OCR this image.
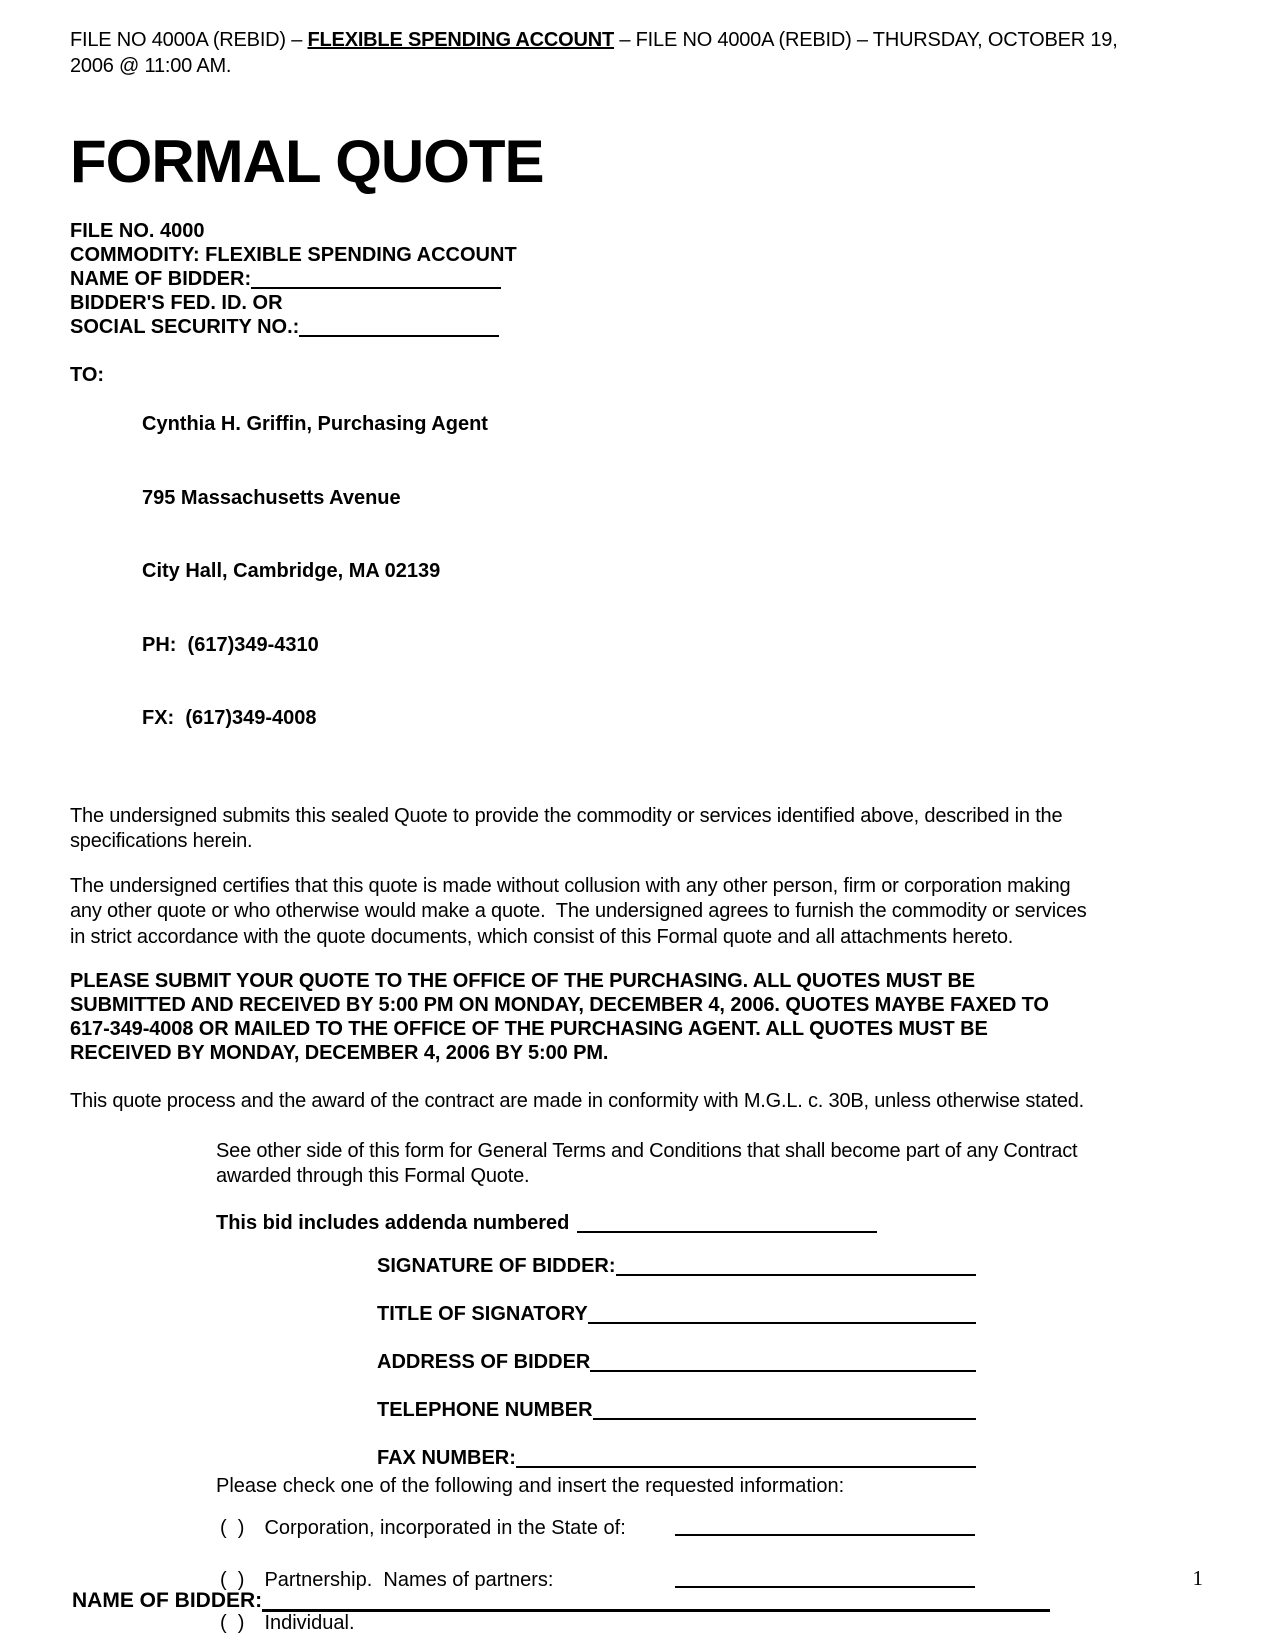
FILE NO 4000A (REBID) – FLEXIBLE SPENDING ACCOUNT – FILE NO 4000A (REBID) – THURSDAY, OCTOBER 19,
2006 @ 11:00 AM.
FORMAL QUOTE
FILE NO. 4000
COMMODITY: FLEXIBLE SPENDING ACCOUNT
NAME OF BIDDER:
BIDDER'S FED. ID. OR
SOCIAL SECURITY NO.:
TO:

Cynthia H. Griffin, Purchasing Agent

795 Massachusetts Avenue

City Hall, Cambridge, MA 02139

PH:  (617)349-4310

FX:  (617)349-4008

The undersigned submits this sealed Quote to provide the commodity or services identified above, described in the specifications herein.
The undersigned certifies that this quote is made without collusion with any other person, firm or corporation making any other quote or who otherwise would make a quote.  The undersigned agrees to furnish the commodity or services in strict accordance with the quote documents, which consist of this Formal quote and all attachments hereto.
PLEASE SUBMIT YOUR QUOTE TO THE OFFICE OF THE PURCHASING. ALL QUOTES MUST BE SUBMITTED AND RECEIVED BY 5:00 PM ON MONDAY, DECEMBER 4, 2006. QUOTES MAYBE FAXED TO 617-349-4008 OR MAILED TO THE OFFICE OF THE PURCHASING AGENT. ALL QUOTES MUST BE RECEIVED BY MONDAY, DECEMBER 4, 2006 BY 5:00 PM.
This quote process and the award of the contract are made in conformity with M.G.L. c. 30B, unless otherwise stated.
See other side of this form for General Terms and Conditions that shall become part of any Contract awarded through this Formal Quote.
This bid includes addenda numbered
SIGNATURE OF BIDDER:
TITLE OF SIGNATORY
ADDRESS OF BIDDER
TELEPHONE NUMBER
FAX NUMBER:
Please check one of the following and insert the requested information:
(  ) Corporation, incorporated in the State of:
(  ) Partnership.  Names of partners:
(  ) Individual.
1
NAME OF BIDDER:
